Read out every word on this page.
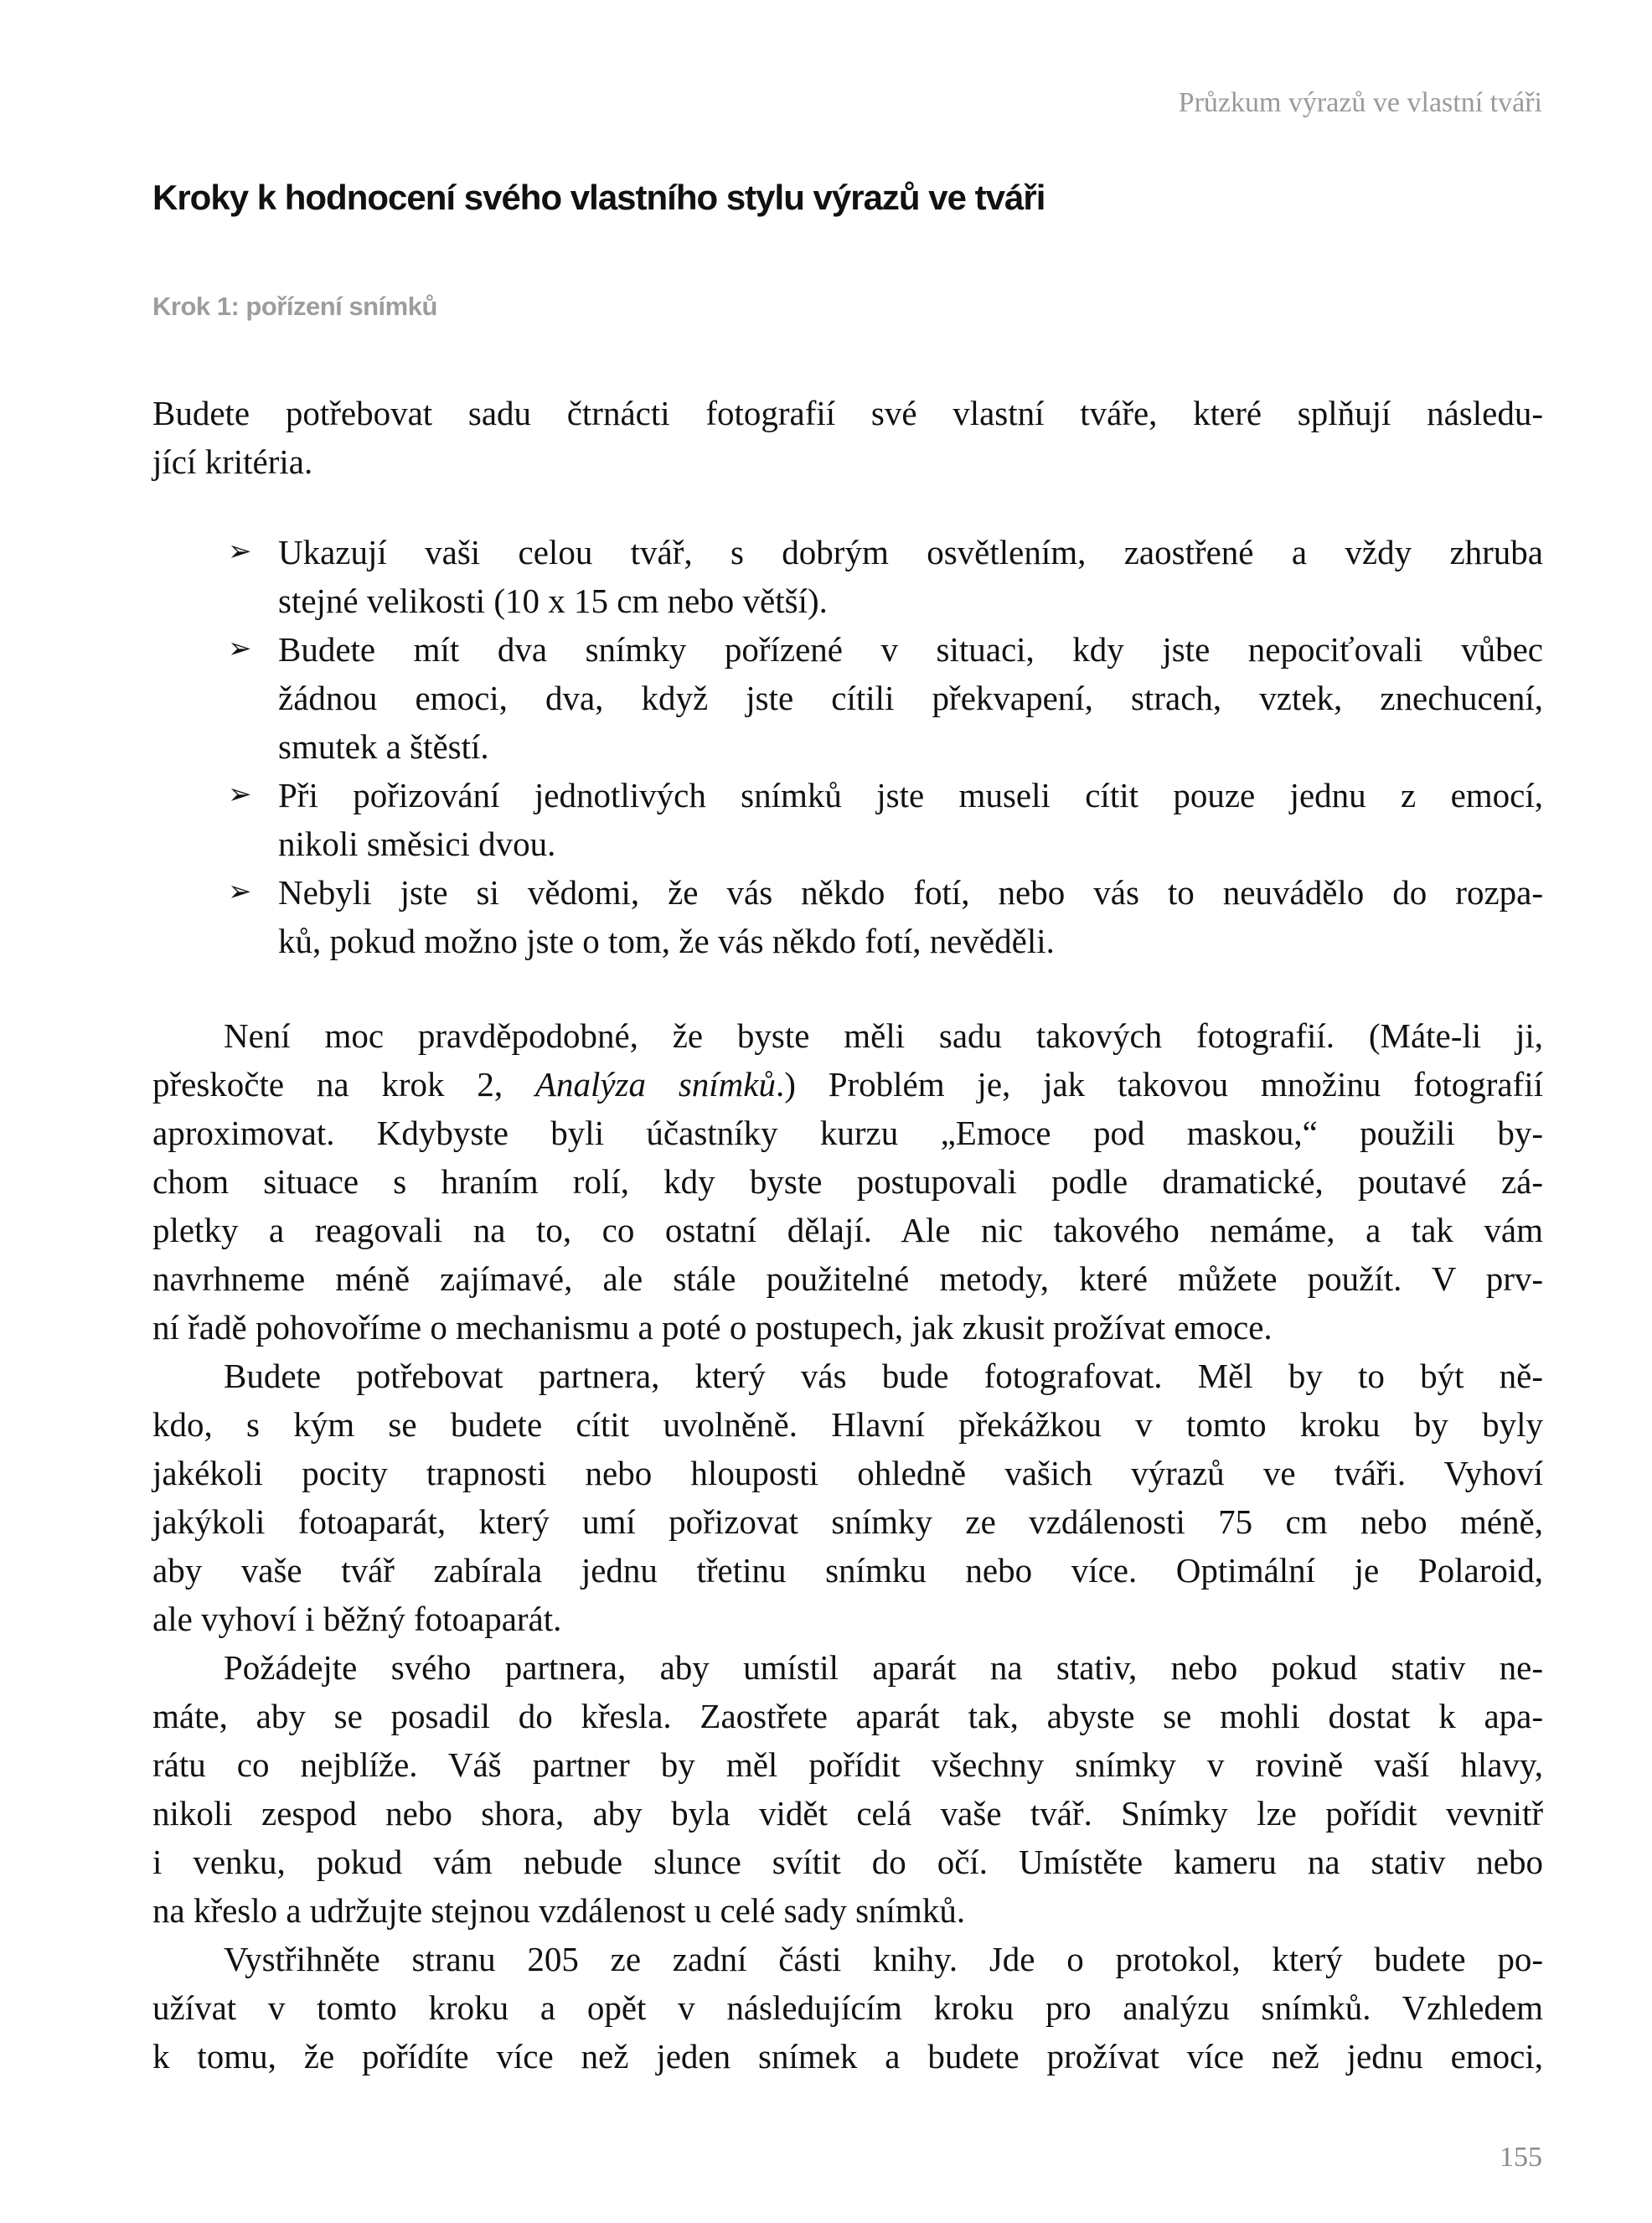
Průzkum výrazů ve vlastní tváři
Kroky k hodnocení svého vlastního stylu výrazů ve tváři
Krok 1: pořízení snímků
Budete potřebovat sadu čtrnácti fotografií své vlastní tváře, které splňují následu-
jící kritéria.
➢ Ukazují vaši celou tvář, s dobrým osvětlením, zaostřené a vždy zhruba
stejné velikosti (10 x 15 cm nebo větší).
➢ Budete mít dva snímky pořízené v situaci, kdy jste nepociťovali vůbec
žádnou emoci, dva, když jste cítili překvapení, strach, vztek, znechucení,
smutek a štěstí.
➢ Při pořizování jednotlivých snímků jste museli cítit pouze jednu z emocí,
nikoli směsici dvou.
➢ Nebyli jste si vědomi, že vás někdo fotí, nebo vás to neuvádělo do rozpa-
ků, pokud možno jste o tom, že vás někdo fotí, nevěděli.
Není moc pravděpodobné, že byste měli sadu takových fotografií. (Máte-li ji,
přeskočte na krok 2, Analýza snímků.) Problém je, jak takovou množinu fotografií
aproximovat. Kdybyste byli účastníky kurzu „Emoce pod maskou,“ použili by-
chom situace s hraním rolí, kdy byste postupovali podle dramatické, poutavé zá-
pletky a reagovali na to, co ostatní dělají. Ale nic takového nemáme, a tak vám
navrhneme méně zajímavé, ale stále použitelné metody, které můžete použít. V prv-
ní řadě pohovoříme o mechanismu a poté o postupech, jak zkusit prožívat emoce.
Budete potřebovat partnera, který vás bude fotografovat. Měl by to být ně-
kdo, s kým se budete cítit uvolněně. Hlavní překážkou v tomto kroku by byly
jakékoli pocity trapnosti nebo hlouposti ohledně vašich výrazů ve tváři. Vyhoví
jakýkoli fotoaparát, který umí pořizovat snímky ze vzdálenosti 75 cm nebo méně,
aby vaše tvář zabírala jednu třetinu snímku nebo více. Optimální je Polaroid,
ale vyhoví i běžný fotoaparát.
Požádejte svého partnera, aby umístil aparát na stativ, nebo pokud stativ ne-
máte, aby se posadil do křesla. Zaostřete aparát tak, abyste se mohli dostat k apa-
rátu co nejblíže. Váš partner by měl pořídit všechny snímky v rovině vaší hlavy,
nikoli zespod nebo shora, aby byla vidět celá vaše tvář. Snímky lze pořídit vevnitř
i venku, pokud vám nebude slunce svítit do očí. Umístěte kameru na stativ nebo
na křeslo a udržujte stejnou vzdálenost u celé sady snímků.
Vystřihněte stranu 205 ze zadní části knihy. Jde o protokol, který budete po-
užívat v tomto kroku a opět v následujícím kroku pro analýzu snímků. Vzhledem
k tomu, že pořídíte více než jeden snímek a budete prožívat více než jednu emoci,
155
